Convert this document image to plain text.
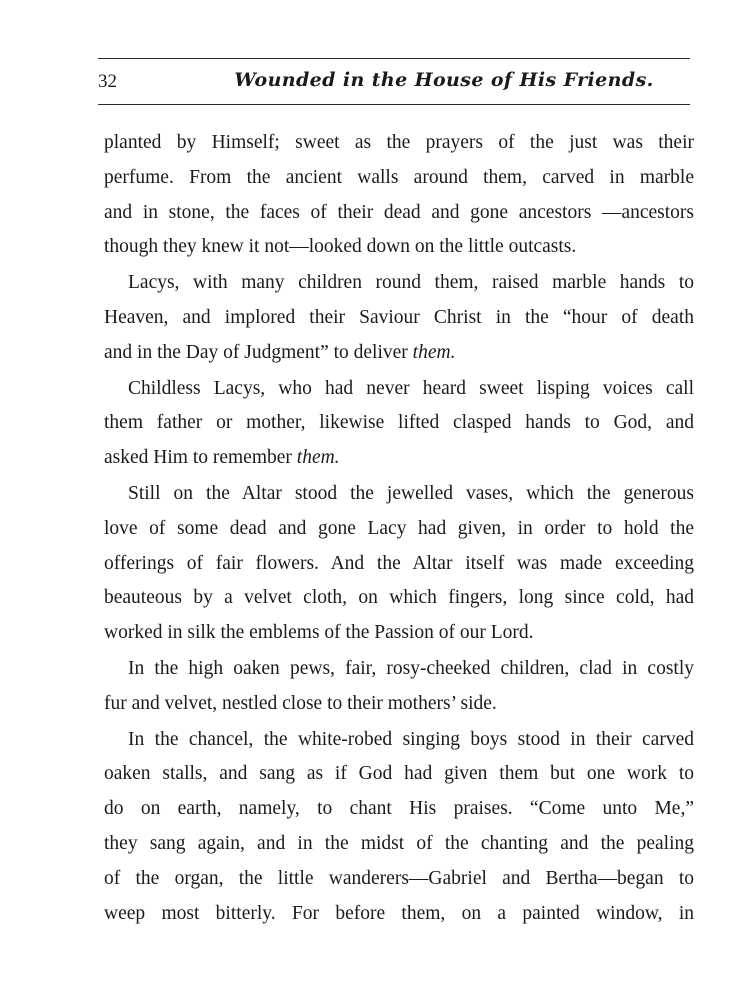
32	Wounded in the House of His Friends.
planted by Himself; sweet as the prayers of the just was their
perfume. From the ancient walls around them, carved in marble
and in stone, the faces of their dead and gone ancestors —ancestors
though they knew it not—looked down on the little outcasts.
Lacys, with many children round them, raised marble hands to
Heaven, and implored their Saviour Christ in the “hour of death
and in the Day of Judgment” to deliver them.
Childless Lacys, who had never heard sweet lisping voices call
them father or mother, likewise lifted clasped hands to God, and
asked Him to remember them.
Still on the Altar stood the jewelled vases, which the generous
love of some dead and gone Lacy had given, in order to hold the
offerings of fair flowers. And the Altar itself was made exceeding
beauteous by a velvet cloth, on which fingers, long since cold, had
worked in silk the emblems of the Passion of our Lord.
In the high oaken pews, fair, rosy-cheeked children, clad in costly
fur and velvet, nestled close to their mothers’ side.
In the chancel, the white-robed singing boys stood in their carved
oaken stalls, and sang as if God had given them but one work to
do on earth, namely, to chant His praises. “Come unto Me,”
they sang again, and in the midst of the chanting and the pealing
of the organ, the little wanderers—Gabriel and Bertha—began to
weep most bitterly. For before them, on a painted window, in
